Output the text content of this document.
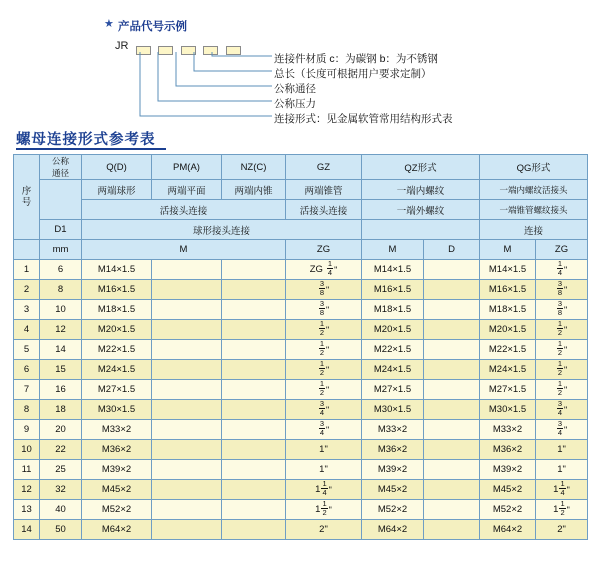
★ 产品代号示例
JR

连接件材质 c：为碳钢 b：为不锈钢
总长（长度可根据用户要求定制）
公称通径
公称压力
连接形式：见金属软管常用结构形式表
螺母连接形式参考表
序
号	公称
通径	Q(D)	PM(A)	NZ(C)	GZ	QZ形式		QG形式	
		两端球形	两端平面	两端内锥	两端锥管	一端内螺纹		一端内螺纹活接头	
		活接头连接			活接头连接	一端外螺纹		一端锥管螺纹接头	
	D1	球形接头连接						连接	
	mm	M			ZG	M	D	M	ZG
1	6	M14×1.5			ZG $\frac{1}{4}$ "	M14×1.5		M14×1.5	$\frac{1}{4}$ "

2	8	M16×1.5			$\frac{3}{8}$ "	M16×1.5		M16×1.5	$\frac{3}{8}$ "

3	10	M18×1.5			$\frac{3}{8}$ "	M18×1.5		M18×1.5	$\frac{3}{8}$ "

4	12	M20×1.5			$\frac{1}{2}$ "	M20×1.5		M20×1.5	$\frac{1}{2}$ "

5	14	M22×1.5			$\frac{1}{2}$ "	M22×1.5		M22×1.5	$\frac{1}{2}$ "

6	15	M24×1.5			$\frac{1}{2}$ "	M24×1.5		M24×1.5	$\frac{1}{2}$ "

7	16	M27×1.5			$\frac{1}{2}$ "	M27×1.5		M27×1.5	$\frac{1}{2}$ "

8	18	M30×1.5			$\frac{3}{4}$ "	M30×1.5		M30×1.5	$\frac{3}{4}$ "

9	20	M33×2			$\frac{3}{4}$ "	M33×2		M33×2	$\frac{3}{4}$ "

10	22	M36×2			1"	M36×2		M36×2	1"

11	25	M39×2			1"	M39×2		M39×2	1"

12	32	M45×2			$1 \frac{1}{4}$ "	M45×2		M45×2	$1 \frac{1}{4}$ "

13	40	M52×2			$1 \frac{1}{2}$ "	M52×2		M52×2	$1 \frac{1}{2}$ "

14	50	M64×2			2"	M64×2		M64×2	2"
